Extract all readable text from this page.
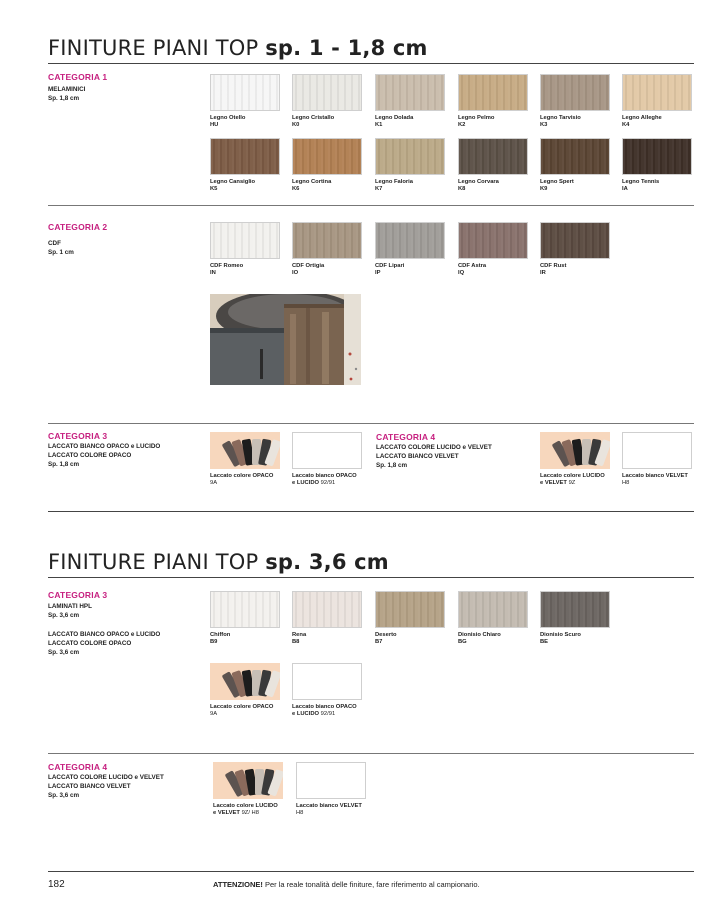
FINITURE PIANI TOP sp. 1 - 1,8 cm
CATEGORIA 1
MELAMINICI
Sp. 1,8 cm
Legno Otello
HU
Legno Cristallo
K0
Legno Dolada
K1
Legno Pelmo
K2
Legno Tarvisio
K3
Legno Alleghe
K4
Legno Cansiglio
K5
Legno Cortina
K6
Legno Faloria
K7
Legno Corvara
K8
Legno Spert
K9
Legno Tennis
IA
CATEGORIA 2
CDF
Sp. 1 cm
CDF Romeo
IN
CDF Ortigia
IO
CDF Lipari
IP
CDF Astra
IQ
CDF Rust
IR
CATEGORIA 3
LACCATO BIANCO OPACO e LUCIDO
LACCATO COLORE OPACO
Sp. 1,8 cm
Laccato colore OPACO
9A
Laccato bianco OPACO
e LUCIDO 92/91
CATEGORIA 4
LACCATO COLORE LUCIDO e VELVET
LACCATO BIANCO VELVET
Sp. 1,8 cm
Laccato colore LUCIDO
e VELVET 9Z
Laccato bianco VELVET
H8
FINITURE PIANI TOP sp. 3,6 cm
CATEGORIA 3
LAMINATI HPL
Sp. 3,6 cm
LACCATO BIANCO OPACO e LUCIDO
LACCATO COLORE OPACO
Sp. 3,6 cm
Chiffon
B9
Rena
B8
Deserto
B7
Dionisio Chiaro
BG
Dionisio Scuro
BE
Laccato colore OPACO
9A
Laccato bianco OPACO
e LUCIDO 92/91
CATEGORIA 4
LACCATO COLORE LUCIDO e VELVET
LACCATO BIANCO VELVET
Sp. 3,6 cm
Laccato colore LUCIDO
e VELVET 9Z/ H8
Laccato bianco VELVET
H8
182	ATTENZIONE! Per la reale tonalità delle finiture, fare riferimento al campionario.
